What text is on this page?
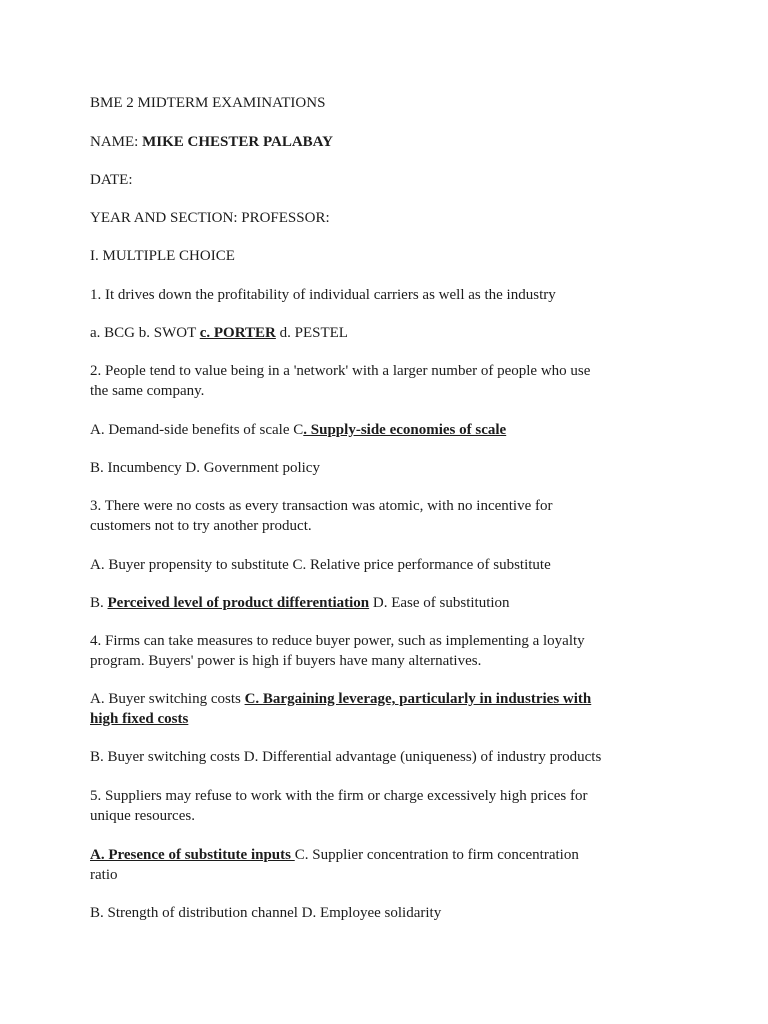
BME 2 MIDTERM EXAMINATIONS
NAME: MIKE CHESTER PALABAY
DATE:
YEAR AND SECTION: PROFESSOR:
I. MULTIPLE CHOICE
1. It drives down the profitability of individual carriers as well as the industry
a. BCG b. SWOT c. PORTER d. PESTEL
2. People tend to value being in a 'network' with a larger number of people who use
the same company.
A. Demand-side benefits of scale C. Supply-side economies of scale
B. Incumbency D. Government policy
3. There were no costs as every transaction was atomic, with no incentive for
customers not to try another product.
A. Buyer propensity to substitute C. Relative price performance of substitute
B. Perceived level of product differentiation D. Ease of substitution
4. Firms can take measures to reduce buyer power, such as implementing a loyalty
program. Buyers' power is high if buyers have many alternatives.
A. Buyer switching costs C. Bargaining leverage, particularly in industries with
high fixed costs
B. Buyer switching costs D. Differential advantage (uniqueness) of industry products
5. Suppliers may refuse to work with the firm or charge excessively high prices for
unique resources.
A. Presence of substitute inputs C. Supplier concentration to firm concentration
ratio
B. Strength of distribution channel D. Employee solidarity
